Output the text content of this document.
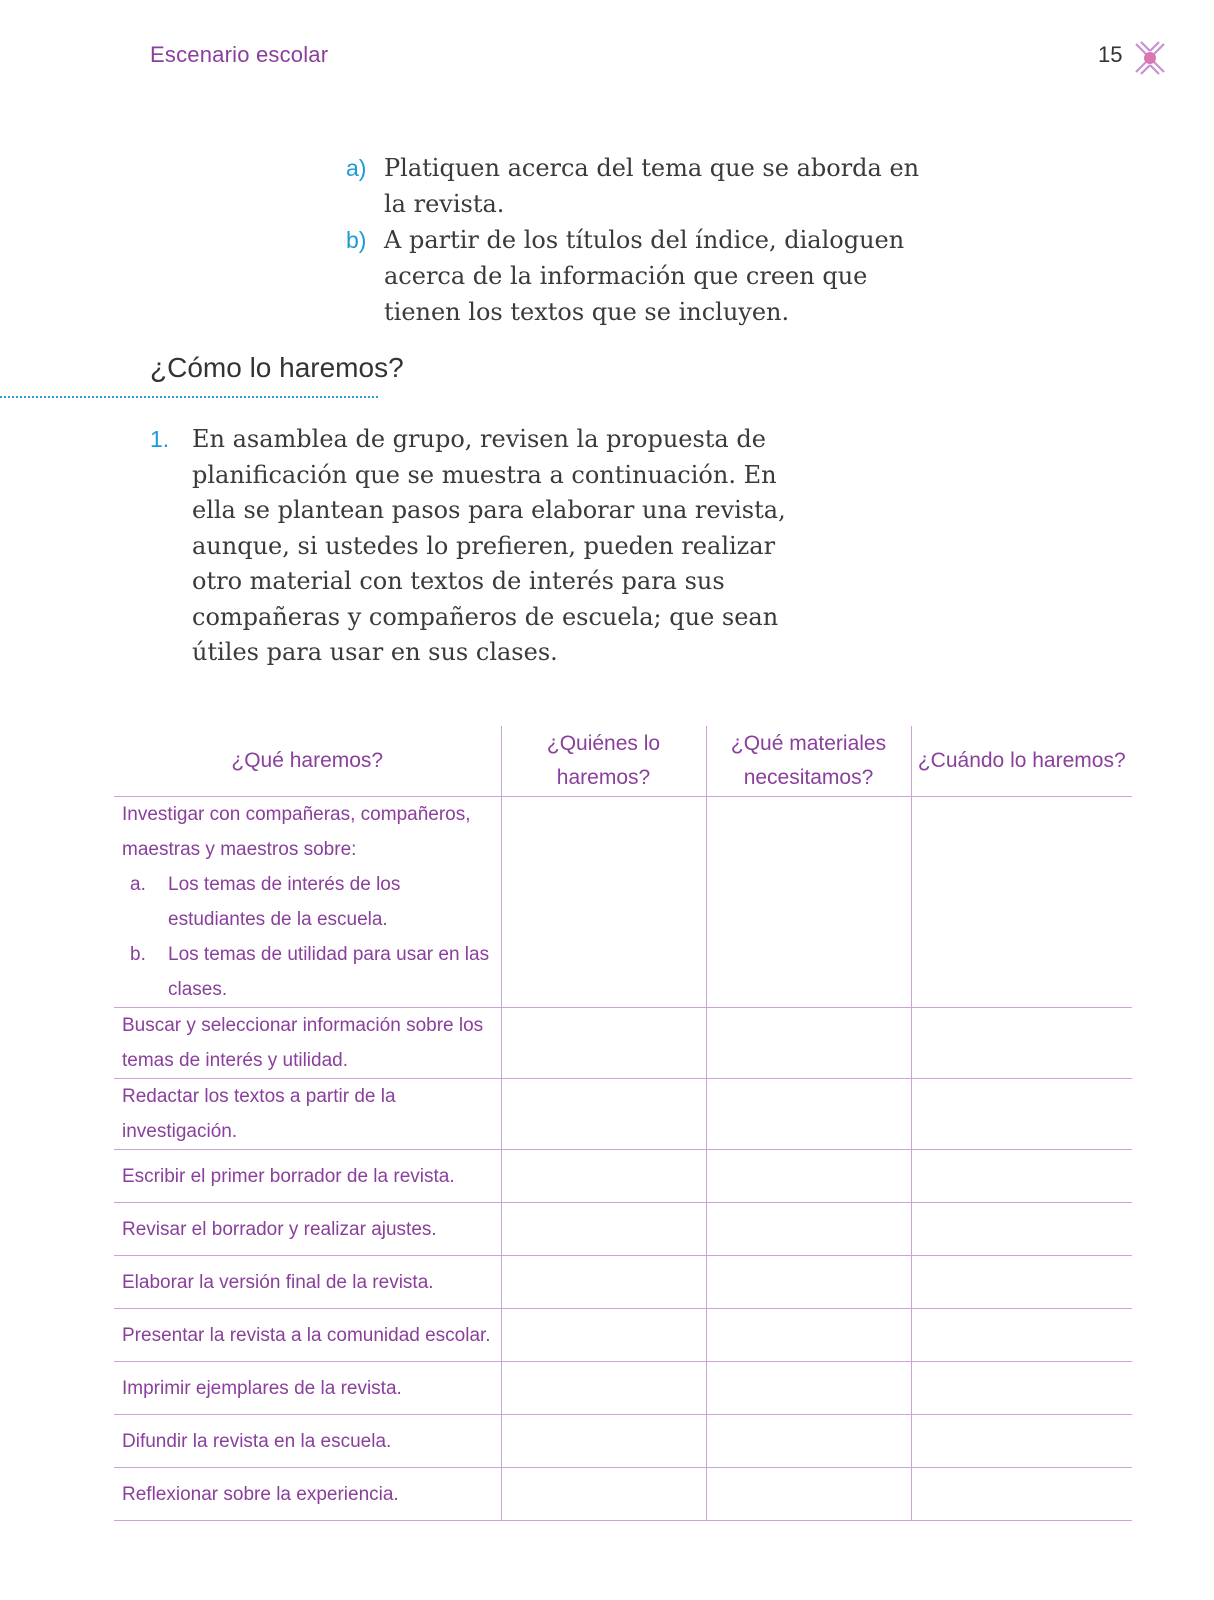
Escenario escolar	15
a) Platiquen acerca del tema que se aborda en la revista.
b) A partir de los títulos del índice, dialoguen acerca de la información que creen que tienen los textos que se incluyen.
¿Cómo lo haremos?
1. En asamblea de grupo, revisen la propuesta de planificación que se muestra a continuación. En ella se plantean pasos para elaborar una revista, aunque, si ustedes lo prefieren, pueden realizar otro material con textos de interés para sus compañeras y compañeros de escuela; que sean útiles para usar en sus clases.
¿Qué haremos?	¿Quiénes lo haremos?	¿Qué materiales necesitamos?	¿Cuándo lo haremos?

Investigar con compañeras, compañeros, maestras y maestros sobre:
a. Los temas de interés de los estudiantes de la escuela.
b. Los temas de utilidad para usar en las clases.			

Buscar y seleccionar información sobre los temas de interés y utilidad.			
Redactar los textos a partir de la investigación.			
Escribir el primer borrador de la revista.			
Revisar el borrador y realizar ajustes.			
Elaborar la versión final de la revista.			
Presentar la revista a la comunidad escolar.			
Imprimir ejemplares de la revista.			
Difundir la revista en la escuela.			
Reflexionar sobre la experiencia.			
